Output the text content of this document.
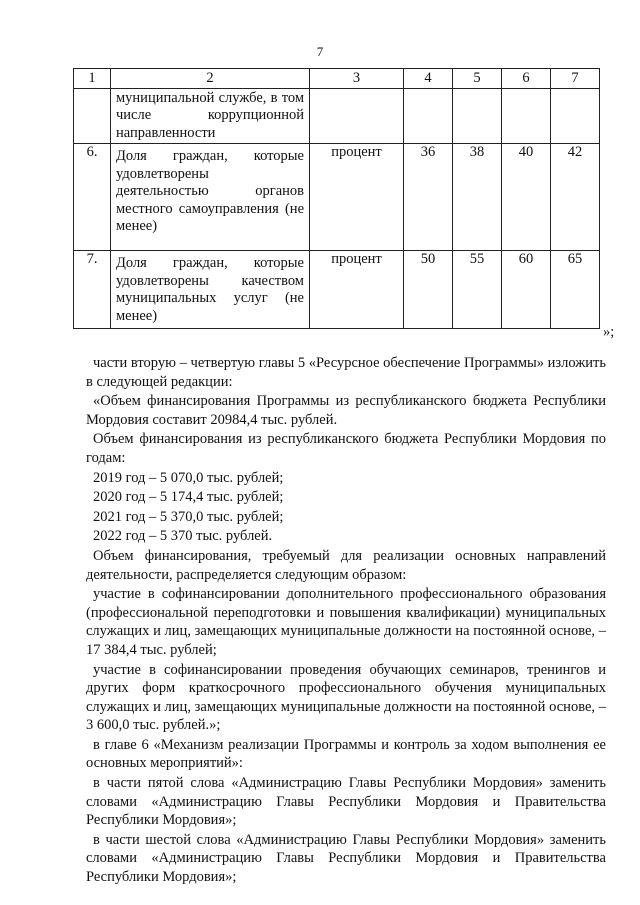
7
1	2	3	4	5	6	7
	муниципальной службе, в том числе коррупционной направленности					
6.	Доля граждан, которые удовлетворены деятельностью органов местного самоуправления (не менее)	процент	36	38	40	42
7.	Доля граждан, которые удовлетворены качеством муниципальных услуг (не менее)	процент	50	55	60	65
»;

части вторую – четвертую главы 5 «Ресурсное обеспечение Программы» изложить в следующей редакции:

«Объем финансирования Программы из республиканского бюджета Республики Мордовия составит 20984,4 тыс. рублей.

Объем финансирования из республиканского бюджета Республики Мордовия по годам:

2019 год – 5 070,0 тыс. рублей;

2020 год – 5 174,4 тыс. рублей;

2021 год – 5 370,0 тыс. рублей;

2022 год – 5 370 тыс. рублей.

Объем финансирования, требуемый для реализации основных направлений деятельности, распределяется следующим образом:

участие в софинансировании дополнительного профессионального образования (профессиональной переподготовки и повышения квалификации) муниципальных служащих и лиц, замещающих муниципальные должности на постоянной основе, – 17 384,4 тыс. рублей;

участие в софинансировании проведения обучающих семинаров, тренингов и других форм краткосрочного профессионального обучения муниципальных служащих и лиц, замещающих муниципальные должности на постоянной основе, – 3 600,0 тыс. рублей.»;

в главе 6 «Механизм реализации Программы и контроль за ходом выполнения ее основных мероприятий»:

в части пятой слова «Администрацию Главы Республики Мордовия» заменить словами «Администрацию Главы Республики Мордовия и Правительства Республики Мордовия»;

в части шестой слова «Администрацию Главы Республики Мордовия» заменить словами «Администрацию Главы Республики Мордовия и Правительства Республики Мордовия»;
